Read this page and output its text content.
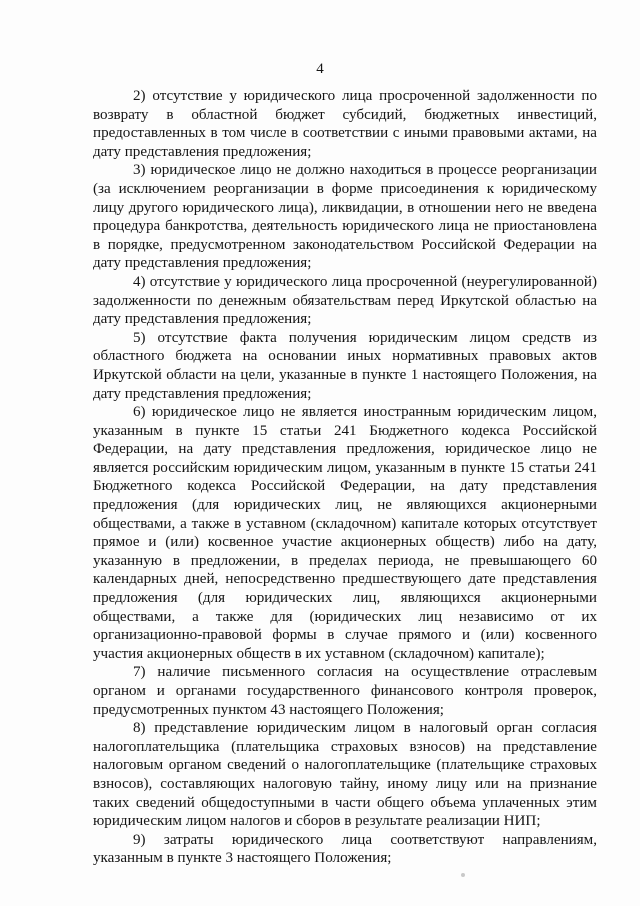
4

2) отсутствие у юридического лица просроченной задолженности по возврату в областной бюджет субсидий, бюджетных инвестиций, предоставленных в том числе в соответствии с иными правовыми актами, на дату представления предложения;

3) юридическое лицо не должно находиться в процессе реорганизации (за исключением реорганизации в форме присоединения к юридическому лицу другого юридического лица), ликвидации, в отношении него не введена процедура банкротства, деятельность юридического лица не приостановлена в порядке, предусмотренном законодательством Российской Федерации на дату представления предложения;

4) отсутствие у юридического лица просроченной (неурегулированной) задолженности по денежным обязательствам перед Иркутской областью на дату представления предложения;

5) отсутствие факта получения юридическим лицом средств из областного бюджета на основании иных нормативных правовых актов Иркутской области на цели, указанные в пункте 1 настоящего Положения, на дату представления предложения;

6) юридическое лицо не является иностранным юридическим лицом, указанным в пункте 15 статьи 241 Бюджетного кодекса Российской Федерации, на дату представления предложения, юридическое лицо не является российским юридическим лицом, указанным в пункте 15 статьи 241 Бюджетного кодекса Российской Федерации, на дату представления предложения (для юридических лиц, не являющихся акционерными обществами, а также в уставном (складочном) капитале которых отсутствует прямое и (или) косвенное участие акционерных обществ) либо на дату, указанную в предложении, в пределах периода, не превышающего 60 календарных дней, непосредственно предшествующего дате представления предложения (для юридических лиц, являющихся акционерными обществами, а также для (юридических лиц независимо от их организационно-правовой формы в случае прямого и (или) косвенного участия акционерных обществ в их уставном (складочном) капитале);

7) наличие письменного согласия на осуществление отраслевым органом и органами государственного финансового контроля проверок, предусмотренных пунктом 43 настоящего Положения;

8) представление юридическим лицом в налоговый орган согласия налогоплательщика (плательщика страховых взносов) на представление налоговым органом сведений о налогоплательщике (плательщике страховых взносов), составляющих налоговую тайну, иному лицу или на признание таких сведений общедоступными в части общего объема уплаченных этим юридическим лицом налогов и сборов в результате реализации НИП;

9) затраты юридического лица соответствуют направлениям, указанным в пункте 3 настоящего Положения;
